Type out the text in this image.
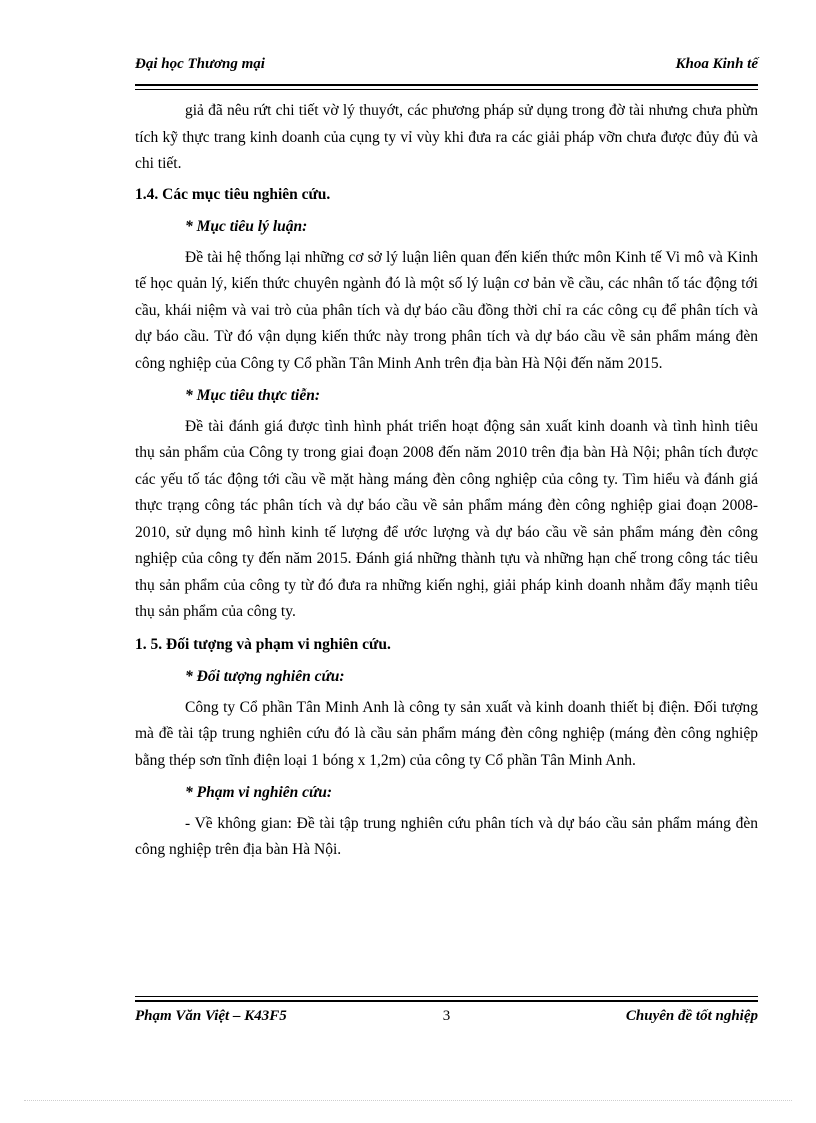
Đại học Thương mại	Khoa Kinh tế

giả đã nêu rứt chi tiết vờ lý thuyớt, các phương pháp sử dụng trong đờ tài nhưng chưa phừn tích kỹ thực trang kinh doanh của cụng ty vỉ vùy khi đưa ra các giải pháp vỡn chưa được đủy đủ và chi tiết.

1.4. Các mục tiêu nghiên cứu.
* Mục tiêu lý luận:

Đề tài hệ thống lại những cơ sở lý luận liên quan đến kiến thức môn Kinh tế Vi mô và Kinh tế học quản lý, kiến thức chuyên ngành đó là một số lý luận cơ bản về cầu, các nhân tố tác động tới cầu, khái niệm và vai trò của phân tích và dự báo cầu đồng thời chỉ ra các công cụ để phân tích và dự báo cầu. Từ đó vận dụng kiến thức này trong phân tích và dự báo cầu về sản phẩm máng đèn công nghiệp của Công ty Cổ phần Tân Minh Anh trên địa bàn Hà Nội đến năm 2015.

* Mục tiêu thực tiễn:

Đề tài đánh giá được tình hình phát triển hoạt động sản xuất kinh doanh và tình hình tiêu thụ sản phẩm của Công ty trong giai đoạn 2008 đến năm 2010 trên địa bàn Hà Nội; phân tích được các yếu tố tác động tới cầu về mặt hàng máng đèn công nghiệp của công ty. Tìm hiểu và đánh giá thực trạng công tác phân tích và dự báo cầu về sản phẩm máng đèn công nghiệp giai đoạn 2008-2010, sử dụng mô hình kinh tế lượng để ước lượng và dự báo cầu về sản phẩm máng đèn công nghiệp của công ty đến năm 2015. Đánh giá những thành tựu và những hạn chế trong công tác tiêu thụ sản phẩm của công ty từ đó đưa ra những kiến nghị, giải pháp kinh doanh nhằm đẩy mạnh tiêu thụ sản phẩm của công ty.

1. 5. Đối tượng và phạm vi nghiên cứu.
* Đối tượng nghiên cứu:

Công ty Cổ phần Tân Minh Anh là công ty sản xuất và kinh doanh thiết bị điện. Đối tượng mà đề tài tập trung nghiên cứu đó là cầu sản phẩm máng đèn công nghiệp (máng đèn công nghiệp bằng thép sơn tĩnh điện loại 1 bóng x 1,2m) của công ty Cổ phần Tân Minh Anh.

* Phạm vi nghiên cứu:

- Về không gian: Đề tài tập trung nghiên cứu phân tích và dự báo cầu sản phẩm máng đèn công nghiệp trên địa bàn Hà Nội.

Phạm Văn Việt – K43F5	3	Chuyên đề tốt nghiệp
